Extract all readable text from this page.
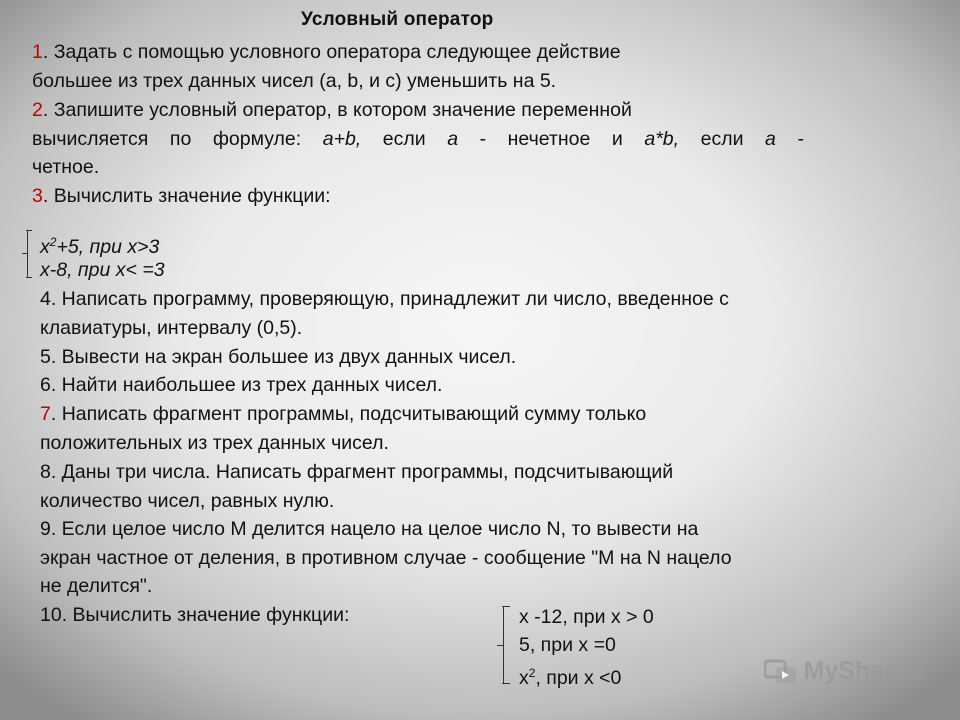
Условный оператор
1. Задать с помощью условного оператора следующее действие
большее из трех данных чисел (a, b, и c) уменьшить на 5.
2. Запишите условный оператор, в котором значение переменной
вычисляется по формуле: a+b, если a - нечетное и a*b, если a -
четное.
3. Вычислить значение функции:
$x^2+5$, при x>3
x-8, при x< =3
4. Написать программу, проверяющую, принадлежит ли число, введенное с
клавиатуры, интервалу (0,5).
5. Вывести на экран большее из двух данных чисел.
6. Найти наибольшее из трех данных чисел.
7. Написать фрагмент программы, подсчитывающий сумму только
положительных из трех данных чисел.
8. Даны три числа. Написать фрагмент программы, подсчитывающий
количество чисел, равных нулю.
9. Если целое число M делится нацело на целое число N, то вывести на
экран частное от деления, в противном случае - сообщение "M на N нацело
не делится".
10. Вычислить значение функции:	x -12, при x > 0
5, при x =0
$x^2$, при x <0	MyShared
